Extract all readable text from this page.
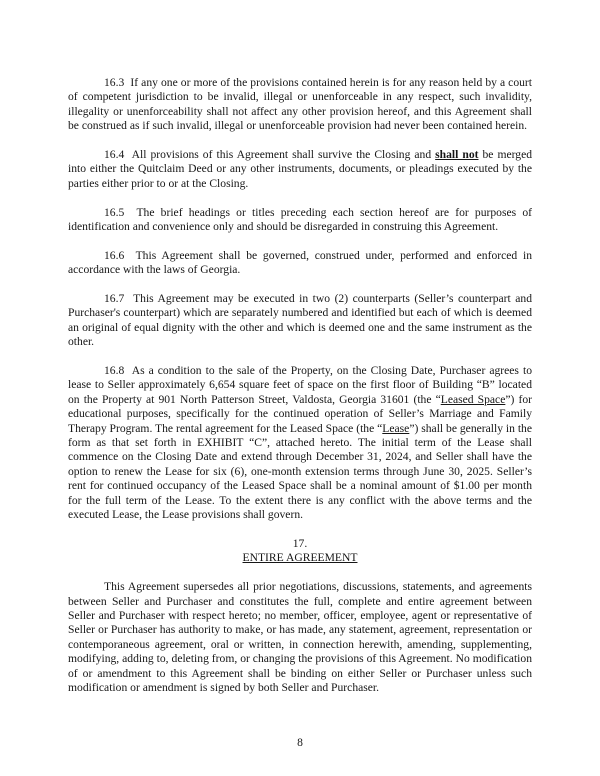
16.3  If any one or more of the provisions contained herein is for any reason held by a court of competent jurisdiction to be invalid, illegal or unenforceable in any respect, such invalidity, illegality or unenforceability shall not affect any other provision hereof, and this Agreement shall be construed as if such invalid, illegal or unenforceable provision had never been contained herein.

16.4  All provisions of this Agreement shall survive the Closing and shall not be merged into either the Quitclaim Deed or any other instruments, documents, or pleadings executed by the parties either prior to or at the Closing.

16.5  The brief headings or titles preceding each section hereof are for purposes of identification and convenience only and should be disregarded in construing this Agreement.

16.6  This Agreement shall be governed, construed under, performed and enforced in accordance with the laws of Georgia.

16.7  This Agreement may be executed in two (2) counterparts (Seller’s counterpart and Purchaser's counterpart) which are separately numbered and identified but each of which is deemed an original of equal dignity with the other and which is deemed one and the same instrument as the other.

16.8  As a condition to the sale of the Property, on the Closing Date, Purchaser agrees to lease to Seller approximately 6,654 square feet of space on the first floor of Building “B” located on the Property at 901 North Patterson Street, Valdosta, Georgia 31601 (the “Leased Space”) for educational purposes, specifically for the continued operation of Seller’s Marriage and Family Therapy Program. The rental agreement for the Leased Space (the “Lease”) shall be generally in the form as that set forth in EXHIBIT “C”, attached hereto. The initial term of the Lease shall commence on the Closing Date and extend through December 31, 2024, and Seller shall have the option to renew the Lease for six (6), one-month extension terms through June 30, 2025. Seller’s rent for continued occupancy of the Leased Space shall be a nominal amount of $1.00 per month for the full term of the Lease. To the extent there is any conflict with the above terms and the executed Lease, the Lease provisions shall govern.

17.
ENTIRE AGREEMENT

This Agreement supersedes all prior negotiations, discussions, statements, and agreements between Seller and Purchaser and constitutes the full, complete and entire agreement between Seller and Purchaser with respect hereto; no member, officer, employee, agent or representative of Seller or Purchaser has authority to make, or has made, any statement, agreement, representation or contemporaneous agreement, oral or written, in connection herewith, amending, supplementing, modifying, adding to, deleting from, or changing the provisions of this Agreement. No modification of or amendment to this Agreement shall be binding on either Seller or Purchaser unless such modification or amendment is signed by both Seller and Purchaser.

8
